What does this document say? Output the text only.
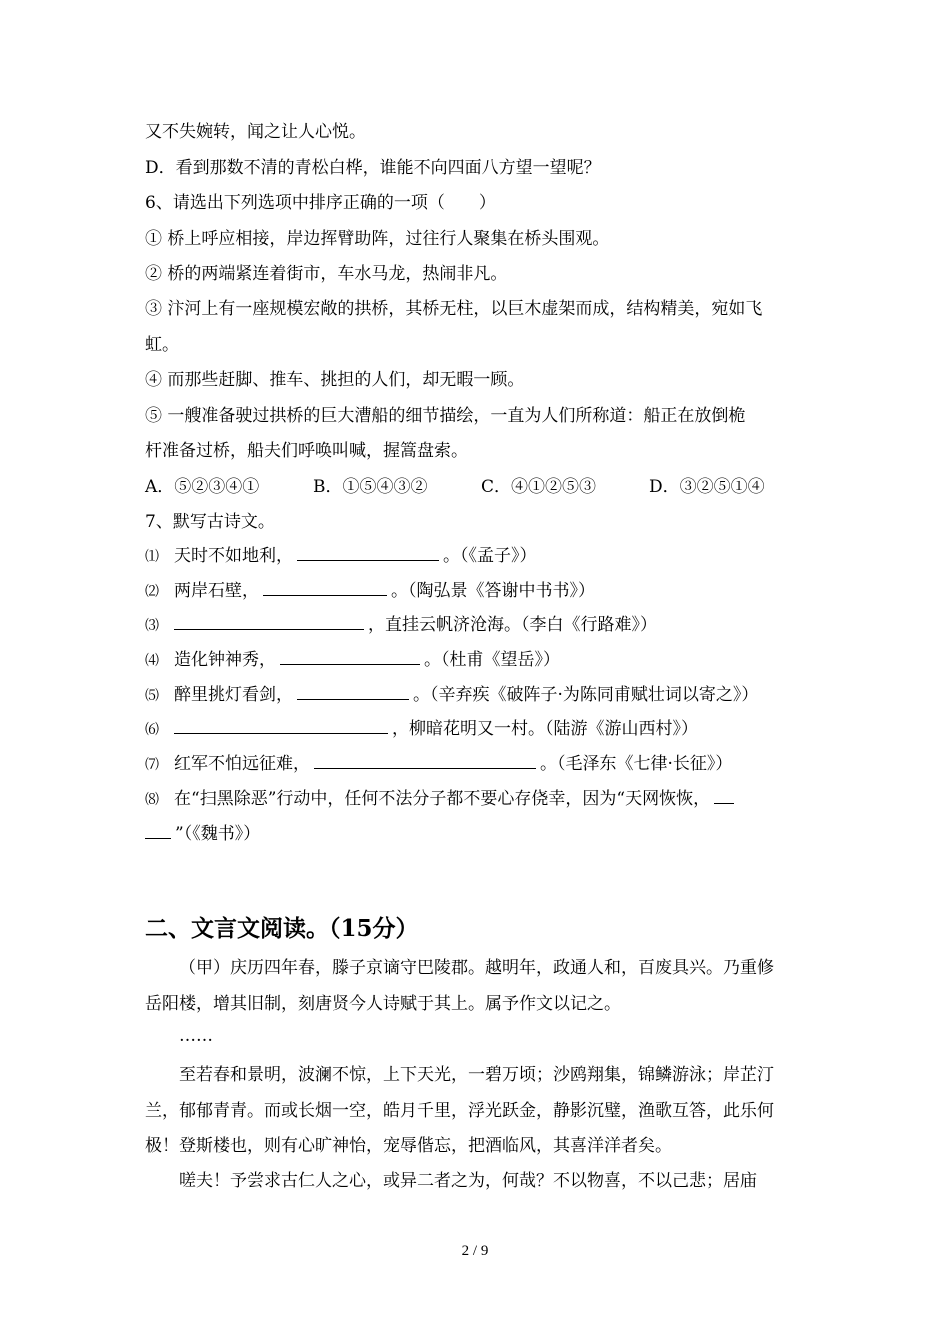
又不失婉转，闻之让人心悦。
D．看到那数不清的青松白桦，谁能不向四面八方望一望呢？
6、请选出下列选项中排序正确的一项（　　）
① 桥上呼应相接，岸边挥臂助阵，过往行人聚集在桥头围观。
② 桥的两端紧连着街市，车水马龙，热闹非凡。
③ 汴河上有一座规模宏敞的拱桥，其桥无柱，以巨木虚架而成，结构精美，宛如飞
虹。
④ 而那些赶脚、推车、挑担的人们，却无暇一顾。
⑤ 一艘准备驶过拱桥的巨大漕船的细节描绘，一直为人们所称道：船正在放倒桅
杆准备过桥，船夫们呼唤叫喊，握篙盘索。
A．⑤②③④①	B．①⑤④③②	C．④①②⑤③	D．③②⑤①④
7、默写古诗文。
⑴ 天时不如地利，	。（《孟子》）
⑵ 两岸石壁，	。（陶弘景《答谢中书书》）
⑶	，直挂云帆济沧海。（李白《行路难》）
⑷ 造化钟神秀，	。（杜甫《望岳》）
⑸ 醉里挑灯看剑，	。（辛弃疾《破阵子·为陈同甫赋壮词以寄之》）
⑹	，柳暗花明又一村。（陆游《游山西村》）
⑺ 红军不怕远征难，	。（毛泽东《七律·长征》）
⑻ 在“扫黑除恶”行动中，任何不法分子都不要心存侥幸，因为“天网恢恢，
”（《魏书》）
二、文言文阅读。（15分）
（甲）庆历四年春，滕子京谪守巴陵郡。越明年，政通人和，百废具兴。乃重修
岳阳楼，增其旧制，刻唐贤今人诗赋于其上。属予作文以记之。
……
至若春和景明，波澜不惊，上下天光，一碧万顷；沙鸥翔集，锦鳞游泳；岸芷汀
兰，郁郁青青。而或长烟一空，皓月千里，浮光跃金，静影沉璧，渔歌互答，此乐何
极！登斯楼也，则有心旷神怡，宠辱偕忘，把酒临风，其喜洋洋者矣。
嗟夫！予尝求古仁人之心，或异二者之为，何哉？不以物喜，不以己悲；居庙
2 / 9
